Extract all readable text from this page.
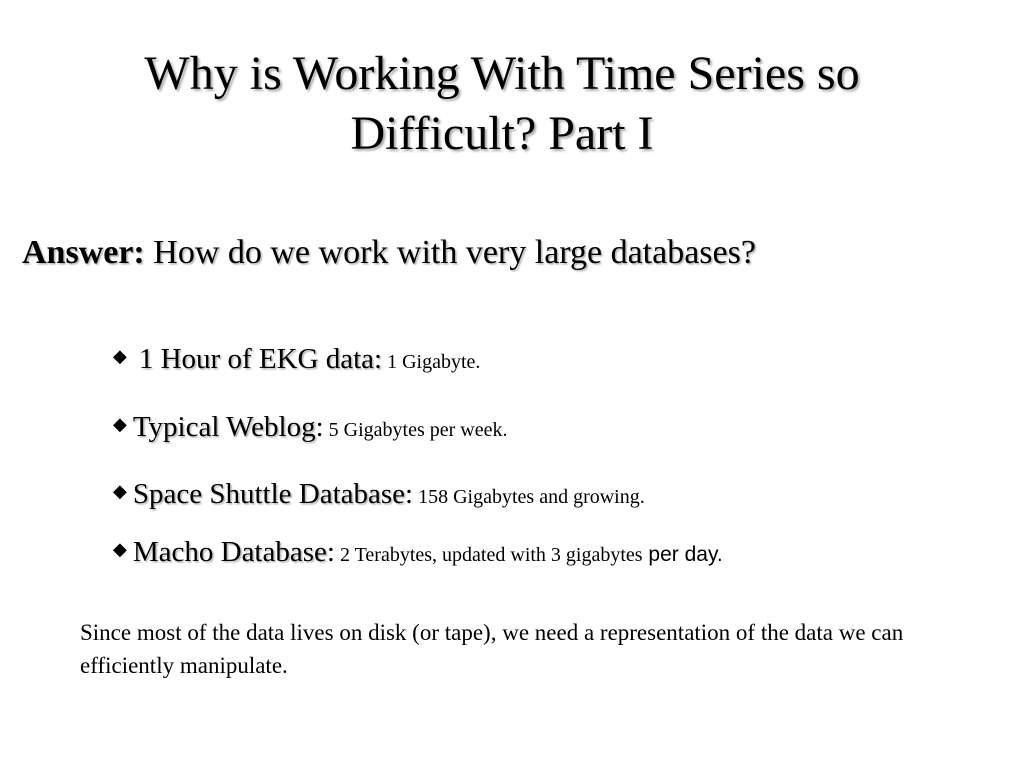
Why is Working With Time Series so
Difficult? Part I
Answer: How do we work with very large databases?
◆ 1 Hour of EKG data: 1 Gigabyte.
◆ Typical Weblog: 5 Gigabytes per week.
◆ Space Shuttle Database: 158 Gigabytes and growing.
◆ Macho Database: 2 Terabytes, updated with 3 gigabytes per day.
Since most of the data lives on disk (or tape), we need a representation of the data we can efficiently manipulate.
